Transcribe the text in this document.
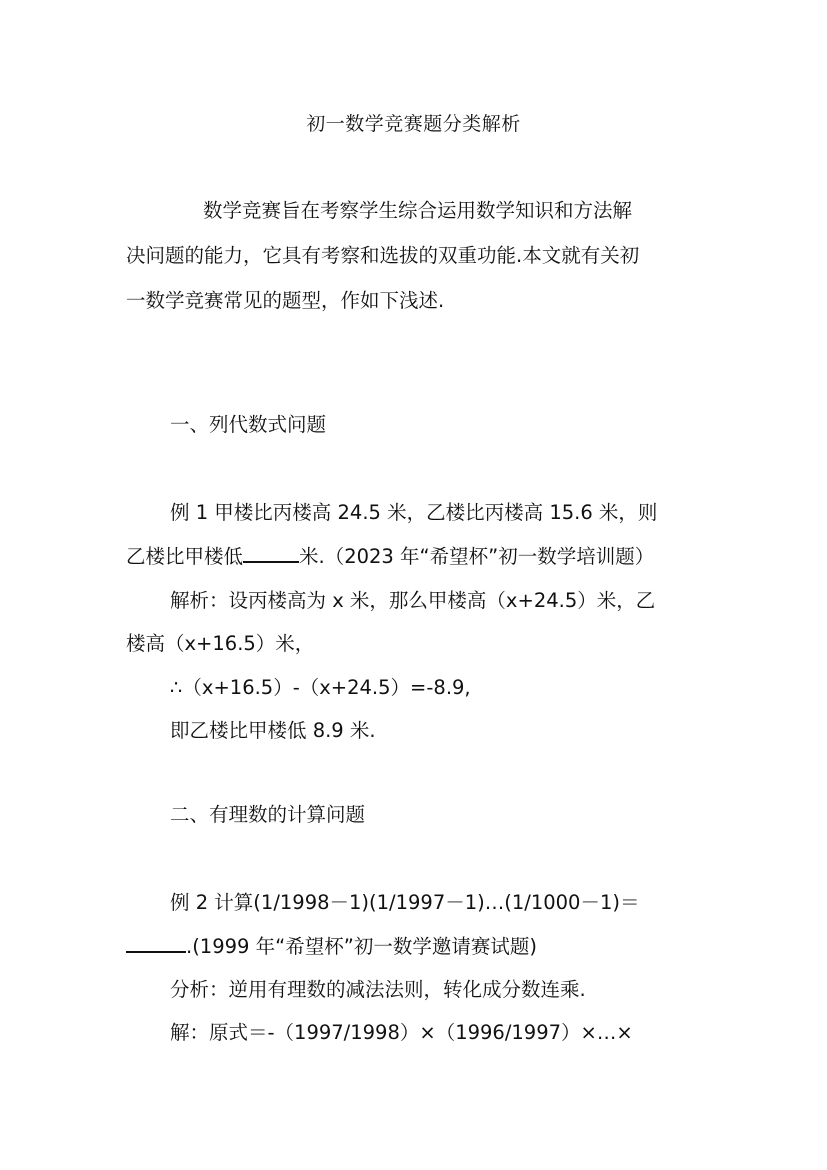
初一数学竞赛题分类解析
数学竞赛旨在考察学生综合运用数学知识和方法解
决问题的能力，它具有考察和选拔的双重功能.本文就有关初
一数学竞赛常见的题型，作如下浅述.
一、列代数式问题
例 1 甲楼比丙楼高 24.5 米，乙楼比丙楼高 15.6 米，则
乙楼比甲楼低	米.（2023 年“希望杯”初一数学培训题）
解析：设丙楼高为 x 米，那么甲楼高（x+24.5）米，乙
楼高（x+16.5）米，
∴（x+16.5）-（x+24.5）=-8.9,
即乙楼比甲楼低 8.9 米.
二、有理数的计算问题
例 2 计算(1/1998－1)(1/1997－1)…(1/1000－1)＝
.(1999 年“希望杯”初一数学邀请赛试题)
分析：逆用有理数的减法法则，转化成分数连乘.
解：原式＝-（1997/1998）×（1996/1997）×…×
